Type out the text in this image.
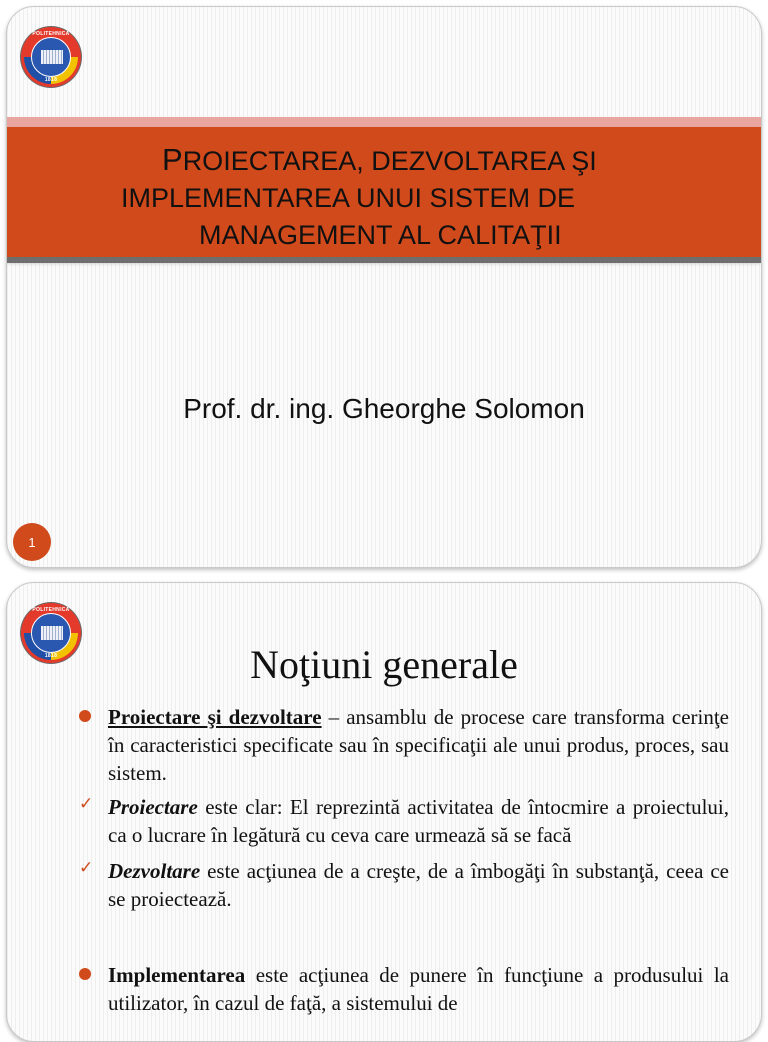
POLITEHNICA
1818
PROIECTAREA, DEZVOLTAREA ŞI
IMPLEMENTAREA UNUI SISTEM DE
MANAGEMENT AL CALITAŢII
Prof. dr. ing. Gheorghe Solomon
1
POLITEHNICA
1818	Noţiuni generale
Proiectare şi dezvoltare – ansamblu de procese care transforma cerinţe în caracteristici specificate sau în specificaţii ale unui produs, proces, sau sistem.
✓ Proiectare este clar: El reprezintă activitatea de întocmire a proiectului, ca o lucrare în legătură cu ceva care urmează să se facă
✓ Dezvoltare este acţiunea de a creşte, de a îmbogăţi în substanţă, ceea ce se proiectează.
Implementarea este acţiunea de punere în funcţiune a produsului la utilizator, în cazul de faţă, a sistemului de
